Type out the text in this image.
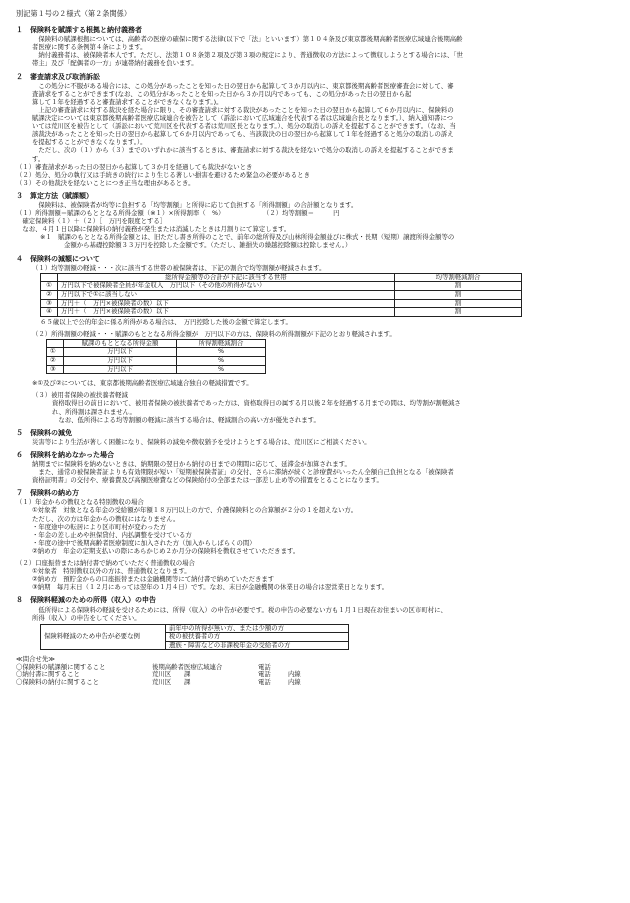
別記第１号の２様式（第２条関係）
１　保険料を賦課する根拠と納付義務者

　保険料の賦課根拠については、高齢者の医療の確保に関する法律(以下で「法」といいます）第１０４条及び東京都後期高齢者医療広域連合後期高齢

者医療に関する条例第４条によります。

　納付義務者は、被保険者本人です。ただし、法第１０８条第２項及び第３項の規定により、普通徴収の方法によって徴収しようとする場合には、「世

帯主」及び「配偶者の一方」が連帯納付義務を負います。

２　審査請求及び取消訴訟

　この処分に不服がある場合には、この処分があったことを知った日の翌日から起算して３か月以内に、東京都後期高齢者医療審査会に対して、審

査請求をすることができます(なお、この処分があったことを知った日から３か月以内であっても、この処分があった日の翌日から起

算して１年を経過すると審査請求することができなくなります。)。

　上記の審査請求に対する裁決を経た場合に限り、その審査請求に対する裁決があったことを知った日の翌日から起算して６か月以内に、保険料の

賦課決定については東京都後期高齢者医療広域連合を被告として（訴訟において広域連合を代表する者は広域連合長となります。）、納入通知書につ

いては荒川区を被告として（訴訟において荒川区を代表する者は荒川区長となります。）、処分の取消しの訴えを提起することができます。（なお、当

該裁決があったことを知った日の翌日から起算して６か月以内であっても、当該裁決の日の翌日から起算して１年を経過すると処分の取消しの訴え

を提起することができなくなります。）。

　ただし、次の（１）から（３）までのいずれかに該当するときは、審査請求に対する裁決を経ないで処分の取消しの訴えを提起することができま

す。

（１）審査請求があった日の翌日から起算して３か月を経過しても裁決がないとき

（２）処分、処分の執行又は手続きの続行により生じる著しい損害を避けるため緊急の必要があるとき

（３）その他裁決を経ないことにつき正当な理由があるとき。

３　算定方法（賦課額）

　保険料は、被保険者が均等に負担する「均等割額」と所得に応じて負担する「所得割額」の合計額となります。

（１）所得割額＝賦課のもととなる所得金額（※１）×所得割率（　%）　　　　　　　（２）均等割額＝　　　円

　確定保険料（１）＋（２）［　万円を限度とする］

　なお、４月１日以降に保険料の納付義務が発生または消滅したときは月割りにて算定します。

※１　賦課のもととなる所得金額とは、旧ただし書き所得のことで、前年の総所得及び山林所得金額並びに株式・長期（短期）譲渡所得金額等の

金額から基礎控除額３３万円を控除した金額です。（ただし、雑損失の繰越控除額は控除しません。）

４　保険料の減額について

（１）均等割額の軽減・・・次に該当する世帯の被保険者は、下記の割合で均等割額が軽減されます。

	総所得金額等の合計が下記に該当する世帯	均等割軽減割合
①	万円以下で被保険者全員が年金収入　万円以下（その他の所得がない）	割
②	万円以下で①に該当しない	割
③	万円＋（　万円×被保険者の数）以下	割
④	万円＋（　万円×被保険者の数）以下	割

６５歳以上で公的年金に係る所得がある場合は、　万円控除した後の金額で算定します。

（２）所得割額の軽減・・・賦課のもととなる所得金額が　万円以下の方は、保険料の所得割額が下記のとおり軽減されます。

	賦課のもととなる所得金額	所得割軽減割合
①	万円以下	%
②	万円以下	%
③	万円以下	%

※①及び②については、東京都後期高齢者医療広域連合独自の軽減措置です。

（３）被用者保険の被扶養者軽減

資格取得日の前日において、被用者保険の被扶養者であった方は、資格取得日の属する月以後２年を経過する月までの間は、均等割が割軽減さ

れ、所得割は課されません。

　なお、低所得による均等割額の軽減に該当する場合は、軽減割合の高い方が優先されます。

５　保険料の減免

災害等により生活が著しく困難になり、保険料の減免や徴収猶予を受けようとする場合は、荒川区にご相談ください。

６　保険料を納めなかった場合

納期までに保険料を納めないときは、納期限の翌日から納付の日までの期間に応じて、延滞金が加算されます。

　また、通常の被保険者証よりも有効期限が短い「短期被保険者証」の交付、さらに滞納が続くと診療費がいったん全額自己負担となる「被保険者

資格証明書」の交付や、療養費及び高額医療費などの保険給付の全部または一部差し止め等の措置をとることになります。

７　保険料の納め方

（１）年金からの徴収となる特別徴収の場合

①対象者　対象となる年金の受給額が年額１８万円以上の方で、介護保険料との合算額が２分の１を超えない方。

ただし、次の方は年金からの徴収にはなりません。

・年度途中の転居により区市町村が変わった方

・年金の差し止めや担保貸付、内払調整を受けている方

・年度の途中で後期高齢者医療制度に加入された方（加入からしばらくの間）

②納め方　年金の定期支払いの際にあらかじめ２か月分の保険料を徴収させていただきます。

（２）口座振替または納付書で納めていただく普通徴収の場合

①対象者　特別徴収以外の方は、普通徴収となります。

②納め方　預貯金からの口座振替または金融機関等にて納付書で納めていただきます

③納期　毎月末日（１２月にあっては翌年の１月４日）です。なお、末日が金融機関の休業日の場合は翌営業日となります。

８　保険料軽減のための所得（収入）の申告

　低所得による保険料の軽減を受けるためには、所得（収入）の申告が必要です。税の申告の必要ない方も１月１日現在お住まいの区市町村に、

所得（収入）の申告をしてください。

保険料軽減のため申告が必要な例	前年中の所得が無い方、または少額の方
税の被扶養者の方
遺族・障害などの非課税年金の受給者の方

≪問合せ先≫

〇保険料の賦課額に関すること	後期高齢者医療広域連合	電話	
〇納付書に関すること	荒川区　　課	電話	内線
〇保険料の納付に関すること	荒川区　　課	電話	内線
